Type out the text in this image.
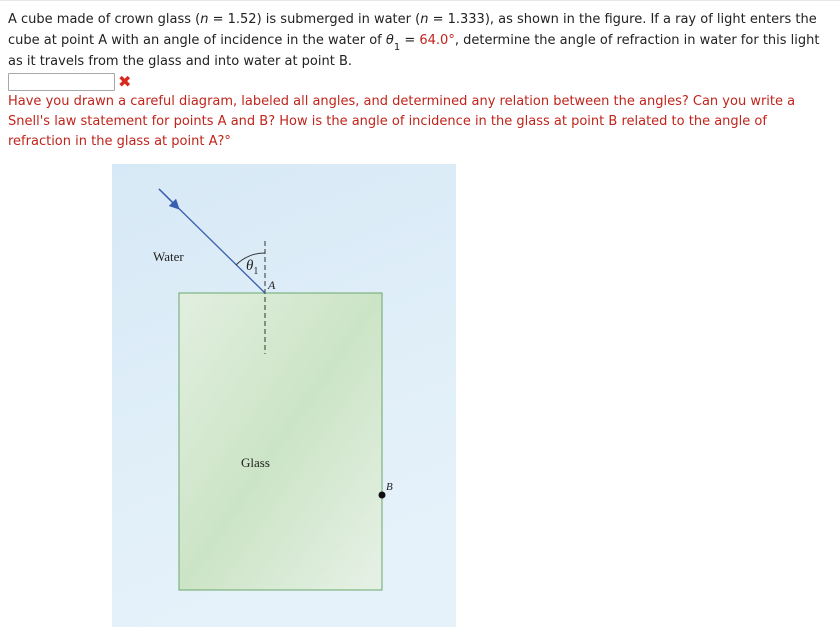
A cube made of crown glass (n = 1.52) is submerged in water (n = 1.333), as shown in the figure. If a ray of light enters the cube at point A with an angle of incidence in the water of $\theta_1 = 64.0^\circ$, determine the angle of refraction in water for this light as it travels from the glass and into water at point B.

✖

Have you drawn a careful diagram, labeled all angles, and determined any relation between the angles? Can you write a Snell's law statement for points A and B? How is the angle of incidence in the glass at point B related to the angle of refraction in the glass at point A?°

$\theta_1$
A
Water
Glass
B
